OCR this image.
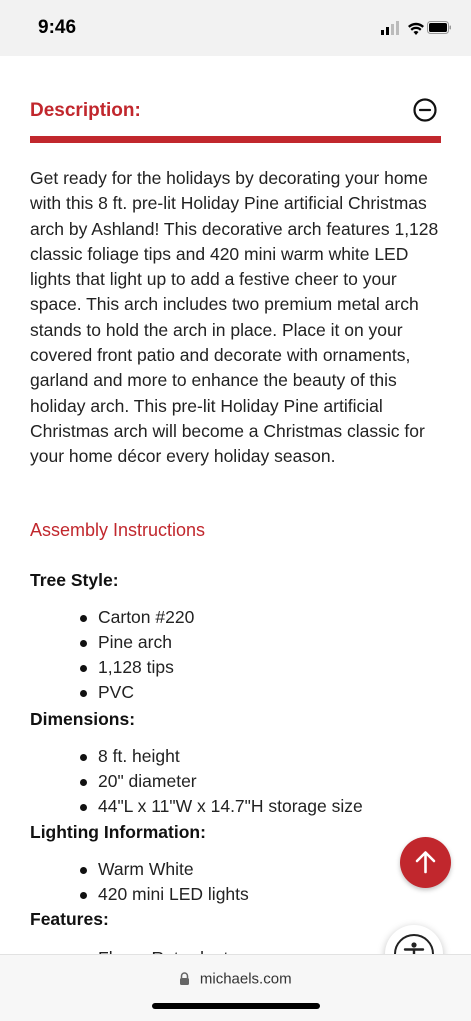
9:46
Description:
Get ready for the holidays by decorating your home with this 8 ft. pre-lit Holiday Pine artificial Christmas arch by Ashland! This decorative arch features 1,128 classic foliage tips and 420 mini warm white LED lights that light up to add a festive cheer to your space. This arch includes two premium metal arch stands to hold the arch in place. Place it on your covered front patio and decorate with ornaments, garland and more to enhance the beauty of this holiday arch. This pre-lit Holiday Pine artificial Christmas arch will become a Christmas classic for your home décor every holiday season.
Assembly Instructions
Tree Style:
Carton #220
Pine arch
1,128 tips
PVC
Dimensions:
8 ft. height
20" diameter
44"L x 11"W x 14.7"H storage size
Lighting Information:
Warm White
420 mini LED lights
Features:
michaels.com
